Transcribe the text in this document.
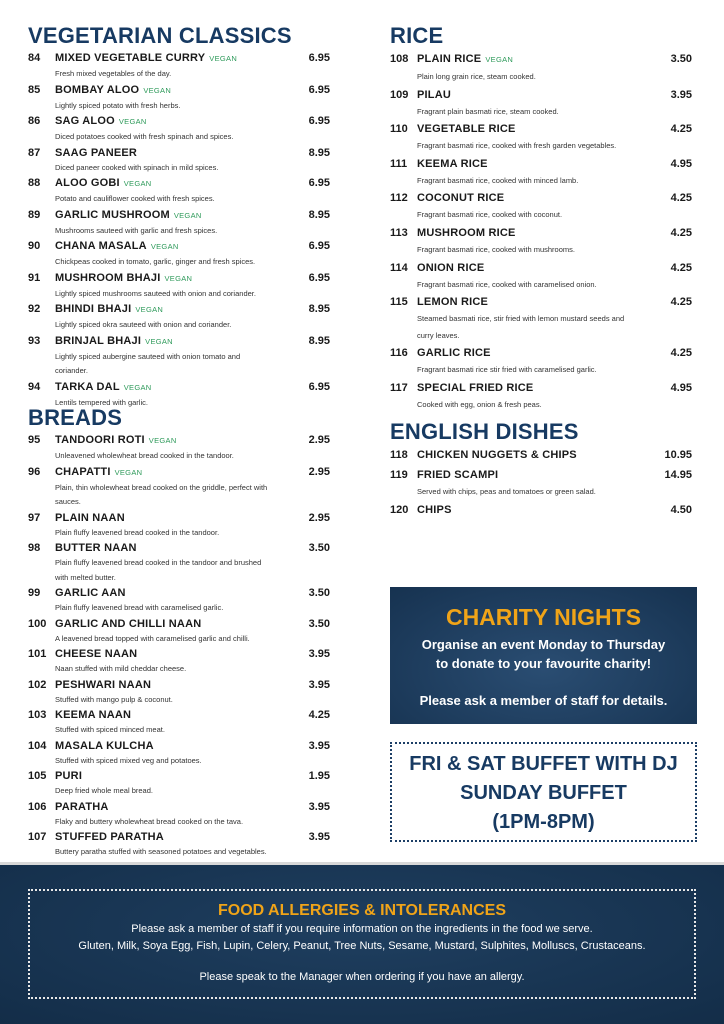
VEGETARIAN CLASSICS
84 MIXED VEGETABLE CURRY VEGAN	6.95
Fresh mixed vegetables of the day.
85 BOMBAY ALOO VEGAN	6.95
Lightly spiced potato with fresh herbs.
86 SAG ALOO VEGAN	6.95
Diced potatoes cooked with fresh spinach and spices.
87 SAAG PANEER	8.95
Diced paneer cooked with spinach in mild spices.
88 ALOO GOBI VEGAN	6.95
Potato and cauliflower cooked with fresh spices.
89 GARLIC MUSHROOM VEGAN	8.95
Mushrooms sauteed with garlic and fresh spices.
90 CHANA MASALA VEGAN	6.95
Chickpeas cooked in tomato, garlic, ginger and fresh spices.
91 MUSHROOM BHAJI VEGAN	6.95
Lightly spiced mushrooms sauteed with onion and coriander.
92 BHINDI BHAJI VEGAN	8.95
Lightly spiced okra sauteed with onion and coriander.
93 BRINJAL BHAJI VEGAN	8.95
Lightly spiced aubergine sauteed with onion tomato and coriander.
94 TARKA DAL VEGAN	6.95
Lentils tempered with garlic.
BREADS
95 TANDOORI ROTI VEGAN	2.95
Unleavened wholewheat bread cooked in the tandoor.
96 CHAPATTI VEGAN	2.95
Plain, thin wholewheat bread cooked on the griddle, perfect with sauces.
97 PLAIN NAAN	2.95
Plain fluffy leavened bread cooked in the tandoor.
98 BUTTER NAAN	3.50
Plain fluffy leavened bread cooked in the tandoor and brushed with melted butter.
99 GARLIC AAN	3.50
Plain fluffy leavened bread with caramelised garlic.
100 GARLIC AND CHILLI NAAN	3.50
A leavened bread topped with caramelised garlic and chilli.
101 CHEESE NAAN	3.95
Naan stuffed with mild cheddar cheese.
102 PESHWARI NAAN	3.95
Stuffed with mango pulp & coconut.
103 KEEMA NAAN	4.25
Stuffed with spiced minced meat.
104 MASALA KULCHA	3.95
Stuffed with spiced mixed veg and potatoes.
105 PURI	1.95
Deep fried whole meal bread.
106 PARATHA	3.95
Flaky and buttery wholewheat bread cooked on the tava.
107 STUFFED PARATHA	3.95
Buttery paratha stuffed with seasoned potatoes and vegetables.
RICE
108 PLAIN RICE VEGAN	3.50
Plain long grain rice, steam cooked.
109 PILAU	3.95
Fragrant plain basmati rice, steam cooked.
110 VEGETABLE RICE	4.25
Fragrant basmati rice, cooked with fresh garden vegetables.
111 KEEMA RICE	4.95
Fragrant basmati rice, cooked with minced lamb.
112 COCONUT RICE	4.25
Fragrant basmati rice, cooked with coconut.
113 MUSHROOM RICE	4.25
Fragrant basmati rice, cooked with mushrooms.
114 ONION RICE	4.25
Fragrant basmati rice, cooked with caramelised onion.
115 LEMON RICE	4.25
Steamed basmati rice, stir fried with lemon mustard seeds and curry leaves.
116 GARLIC RICE	4.25
Fragrant basmati rice stir fried with caramelised garlic.
117 SPECIAL FRIED RICE	4.95
Cooked with egg, onion & fresh peas.
ENGLISH DISHES
118 CHICKEN NUGGETS & CHIPS	10.95
119 FRIED SCAMPI	14.95
Served with chips, peas and tomatoes or green salad.
120 CHIPS	4.50
CHARITY NIGHTS
Organise an event Monday to Thursday
to donate to your favourite charity!
Please ask a member of staff for details.
FRI & SAT BUFFET WITH DJ
SUNDAY BUFFET
(1PM-8PM)
FOOD ALLERGIES & INTOLERANCES
Please ask a member of staff if you require information on the ingredients in the food we serve.
Gluten, Milk, Soya Egg, Fish, Lupin, Celery, Peanut, Tree Nuts, Sesame, Mustard, Sulphites, Molluscs, Crustaceans.
Please speak to the Manager when ordering if you have an allergy.
